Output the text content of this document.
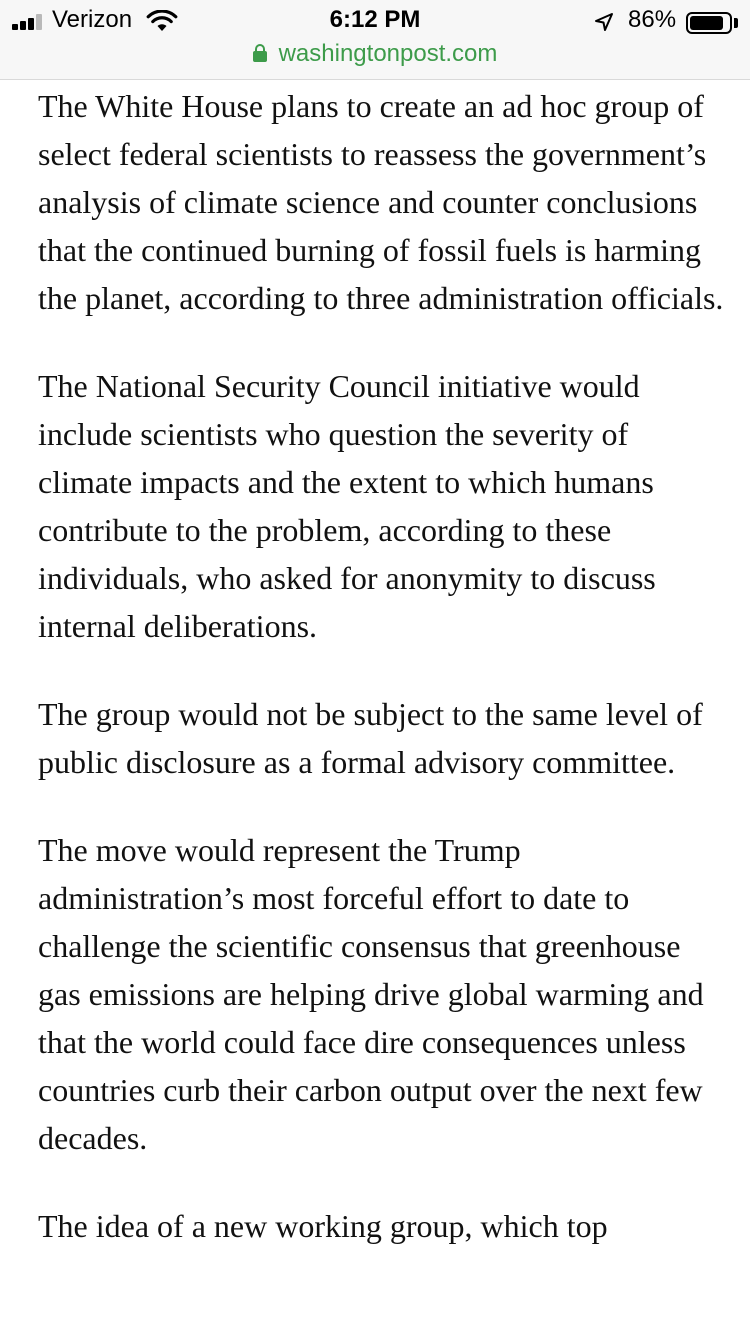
Verizon	6:12 PM	86%
washingtonpost.com

The White House plans to create an ad hoc group of select federal scientists to reassess the government’s analysis of climate science and counter conclusions that the continued burning of fossil fuels is harming the planet, according to three administration officials.

The National Security Council initiative would include scientists who question the severity of climate impacts and the extent to which humans contribute to the problem, according to these individuals, who asked for anonymity to discuss internal deliberations.

The group would not be subject to the same level of public disclosure as a formal advisory committee.

The move would represent the Trump administration’s most forceful effort to date to challenge the scientific consensus that greenhouse gas emissions are helping drive global warming and that the world could face dire consequences unless countries curb their carbon output over the next few decades.

The idea of a new working group, which top
